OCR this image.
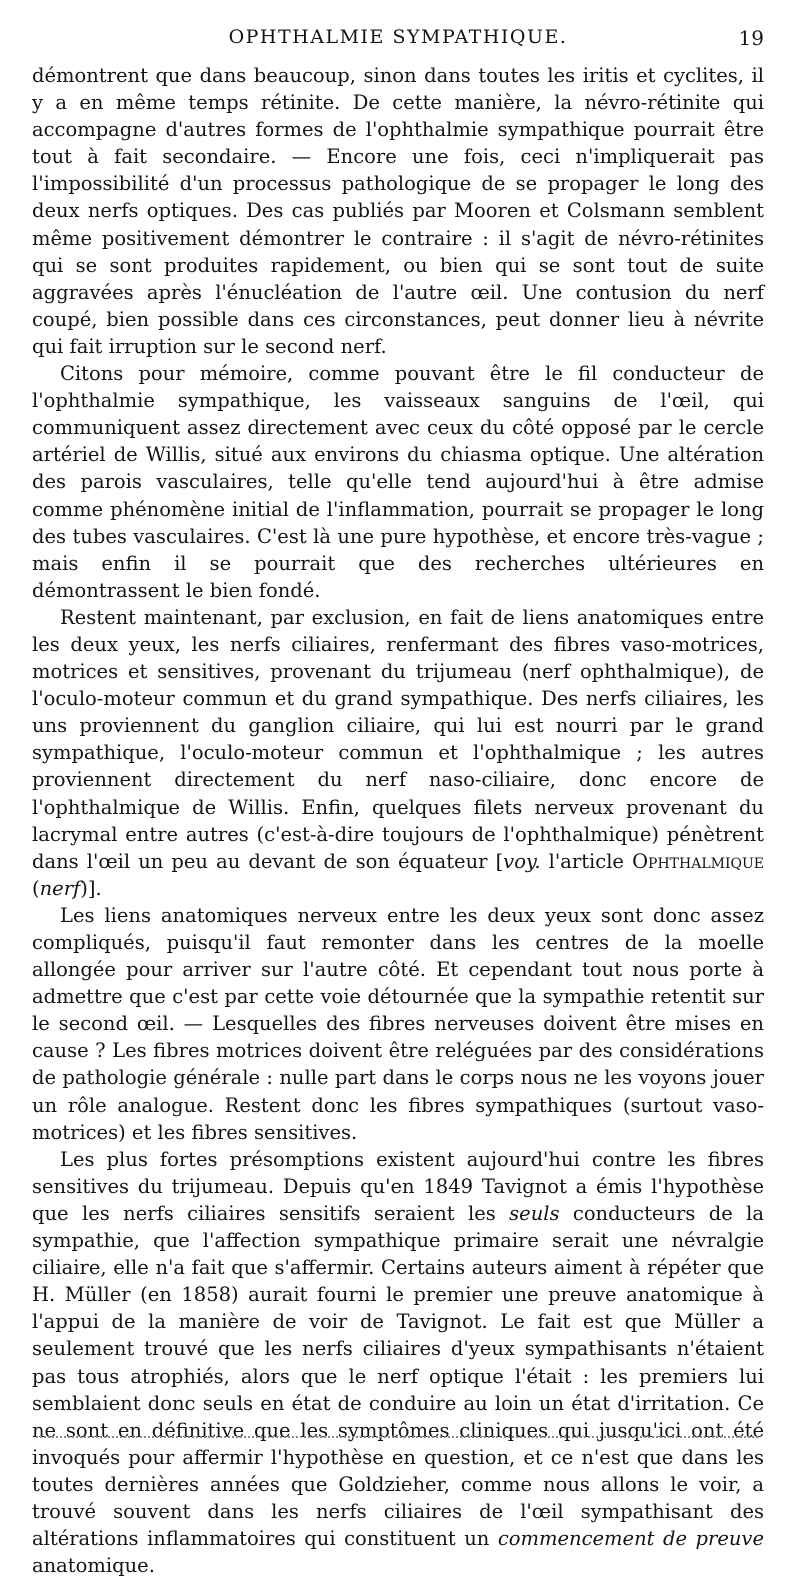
OPHTHALMIE SYMPATHIQUE.	19

démontrent que dans beaucoup, sinon dans toutes les iritis et cyclites, il y a en même temps rétinite. De cette manière, la névro-rétinite qui accompagne d'autres formes de l'ophthalmie sympathique pourrait être tout à fait secondaire. — Encore une fois, ceci n'impliquerait pas l'impossibilité d'un processus pathologique de se propager le long des deux nerfs optiques. Des cas publiés par Mooren et Colsmann semblent même positivement démontrer le contraire : il s'agit de névro-rétinites qui se sont produites rapidement, ou bien qui se sont tout de suite aggravées après l'énucléation de l'autre œil. Une contusion du nerf coupé, bien possible dans ces circonstances, peut donner lieu à névrite qui fait irruption sur le second nerf.

Citons pour mémoire, comme pouvant être le fil conducteur de l'ophthalmie sympathique, les vaisseaux sanguins de l'œil, qui communiquent assez directement avec ceux du côté opposé par le cercle artériel de Willis, situé aux environs du chiasma optique. Une altération des parois vasculaires, telle qu'elle tend aujourd'hui à être admise comme phénomène initial de l'inflammation, pourrait se propager le long des tubes vasculaires. C'est là une pure hypothèse, et encore très-vague ; mais enfin il se pourrait que des recherches ultérieures en démontrassent le bien fondé.

Restent maintenant, par exclusion, en fait de liens anatomiques entre les deux yeux, les nerfs ciliaires, renfermant des fibres vaso-motrices, motrices et sensitives, provenant du trijumeau (nerf ophthalmique), de l'oculo-moteur commun et du grand sympathique. Des nerfs ciliaires, les uns proviennent du ganglion ciliaire, qui lui est nourri par le grand sympathique, l'oculo-moteur commun et l'ophthalmique ; les autres proviennent directement du nerf naso-ciliaire, donc encore de l'ophthalmique de Willis. Enfin, quelques filets nerveux provenant du lacrymal entre autres (c'est-à-dire toujours de l'ophthalmique) pénètrent dans l'œil un peu au devant de son équateur [voy. l'article Ophthalmique (nerf)].

Les liens anatomiques nerveux entre les deux yeux sont donc assez compliqués, puisqu'il faut remonter dans les centres de la moelle allongée pour arriver sur l'autre côté. Et cependant tout nous porte à admettre que c'est par cette voie détournée que la sympathie retentit sur le second œil. — Lesquelles des fibres nerveuses doivent être mises en cause ? Les fibres motrices doivent être reléguées par des considérations de pathologie générale : nulle part dans le corps nous ne les voyons jouer un rôle analogue. Restent donc les fibres sympathiques (surtout vaso-motrices) et les fibres sensitives.

Les plus fortes présomptions existent aujourd'hui contre les fibres sensitives du trijumeau. Depuis qu'en 1849 Tavignot a émis l'hypothèse que les nerfs ciliaires sensitifs seraient les seuls conducteurs de la sympathie, que l'affection sympathique primaire serait une névralgie ciliaire, elle n'a fait que s'affermir. Certains auteurs aiment à répéter que H. Müller (en 1858) aurait fourni le premier une preuve anatomique à l'appui de la manière de voir de Tavignot. Le fait est que Müller a seulement trouvé que les nerfs ciliaires d'yeux sympathisants n'étaient pas tous atrophiés, alors que le nerf optique l'était : les premiers lui semblaient donc seuls en état de conduire au loin un état d'irritation. Ce ne sont en définitive que les symptômes cliniques qui jusqu'ici ont été invoqués pour affermir l'hypothèse en question, et ce n'est que dans les toutes dernières années que Goldzieher, comme nous allons le voir, a trouvé souvent dans les nerfs ciliaires de l'œil sympathisant des altérations inflammatoires qui constituent un commencement de preuve anatomique.
